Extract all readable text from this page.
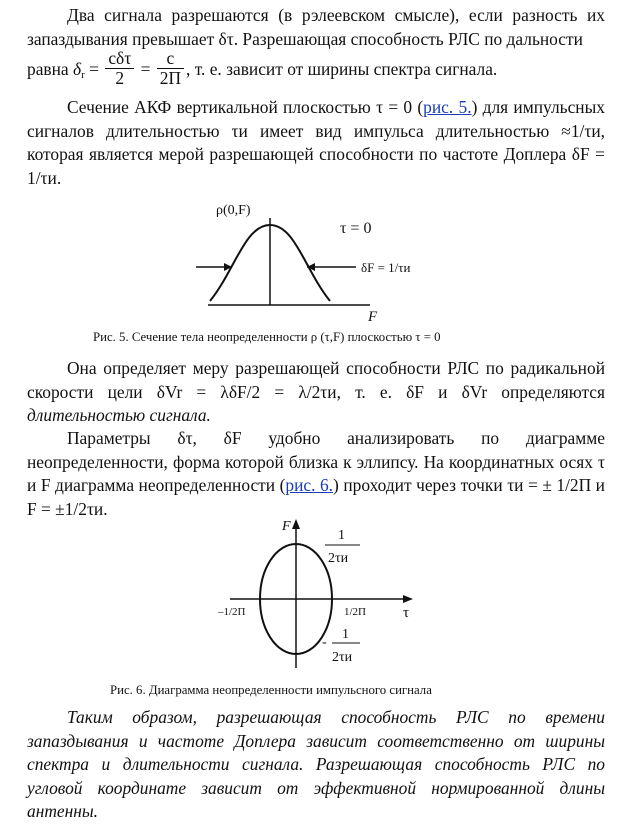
Два сигнала разрешаются (в рэлеевском смысле), если разность их запаздывания превышает δτ. Разрешающая способность РЛС по дальности

равна $\delta_r = \frac{\text{cδτ}}{2} = \frac{c}{2П}$ , т. е. зависит от ширины спектра сигнала.

Сечение АКФ вертикальной плоскостью τ = 0 (рис. 5.) для импульсных сигналов длительностью τи имеет вид импульса длительностью ≈1/τи, которая является мерой разрешающей способности по частоте Доплера δF = 1/τи.

ρ(0,F)
τ = 0
δF = 1/τи
F
Рис. 5. Сечение тела неопределенности ρ (τ,F) плоскостью τ = 0

Она определяет меру разрешающей способности РЛС по радикальной скорости цели δVr = λδF/2 = λ/2τи, т. е. δF и δVr определяются длительностью сигнала.

Параметры δτ, δF удобно анализировать по диаграмме неопределенности, форма которой близка к эллипсу. На координатных осях τ и F диаграмма неопределенности (рис. 6.) проходит через точки τи = ± 1/2П и F = ±1/2τи.

F
τ
–1/2П	1/2П
1
2τи
-
1
2τи
Рис. 6. Диаграмма неопределенности импульсного сигнала

Таким образом, разрешающая способность РЛС по времени запаздывания и частоте Доплера зависит соответственно от ширины спектра и длительности сигнала. Разрешающая способность РЛС по угловой координате зависит от эффективной нормированной длины антенны.
